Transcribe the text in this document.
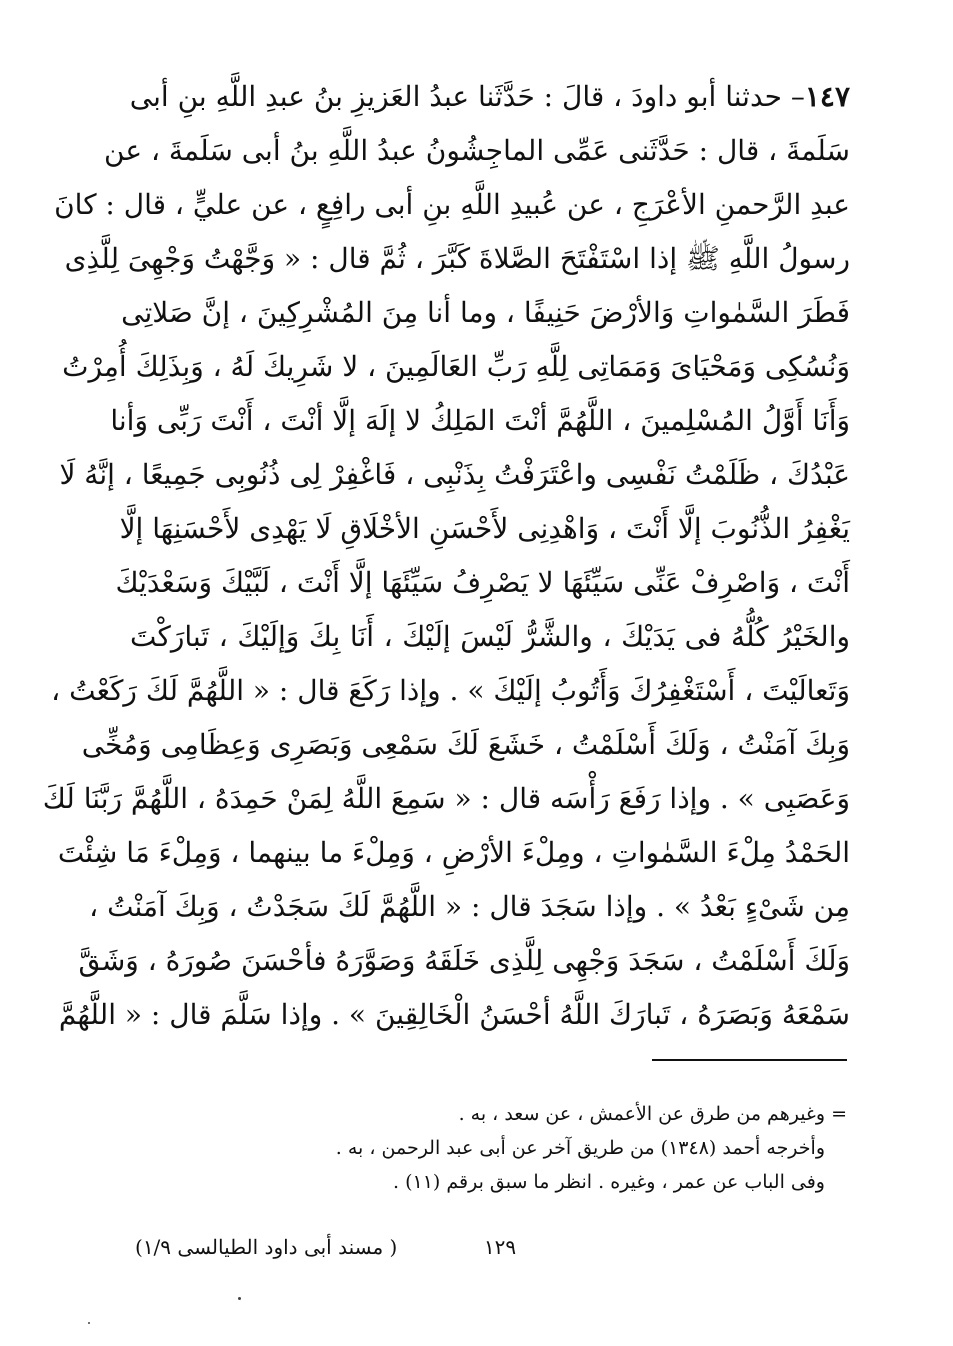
١٤٧– حدثنا أبو داودَ ، قالَ : حَدَّثَنا عبدُ العَزيزِ بنُ عبدِ اللَّهِ بنِ أبى
سَلَمةَ ، قال : حَدَّثَنى عَمِّى الماجِشُونُ عبدُ اللَّهِ بنُ أبى سَلَمةَ ، عن
عبدِ الرَّحمنِ الأعْرَجِ ، عن عُبيدِ اللَّهِ بنِ أبى رافِعٍ ، عن عليٍّ ، قال : كانَ
رسولُ اللَّهِ ﷺ إذا اسْتَفْتَحَ الصَّلاةَ كَبَّرَ ، ثُمَّ قال : « وَجَّهْتُ وَجْهِىَ لِلَّذِى
فَطَرَ السَّمٰواتِ وَالأرْضَ حَنِيفًا ، وما أنا مِنَ المُشْرِكِينَ ، إنَّ صَلاتِى
وَنُسُكِى وَمَحْيَاىَ وَمَمَاتِى لِلَّهِ رَبِّ العَالَمِينَ ، لا شَرِيكَ لَهُ ، وَبِذَلِكَ أُمِرْتُ
وَأَنَا أَوَّلُ المُسْلِمينَ ، اللَّهُمَّ أنْتَ المَلِكُ لا إلَهَ إلَّا أنْتَ ، أَنْتَ رَبِّى وَأنا
عَبْدُكَ ، ظَلَمْتُ نَفْسِى واعْتَرَفْتُ بِذَنْبِى ، فَاغْفِرْ لِى ذُنُوبِى جَمِيعًا ، إنَّهُ لَا
يَغْفِرُ الذُّنُوبَ إلَّا أَنْتَ ، وَاهْدِنِى لأَحْسَنِ الأخْلَاقِ لَا يَهْدِى لأَحْسَنِهَا إلَّا
أَنْتَ ، وَاصْرِفْ عَنِّى سَيِّئَهَا لا يَصْرِفُ سَيِّئَهَا إلَّا أَنْتَ ، لَبَّيْكَ وَسَعْدَيْكَ
والخَيْرُ كُلُّهُ فى يَدَيْكَ ، والشَّرُّ لَيْسَ إلَيْكَ ، أَنَا بِكَ وَإلَيْكَ ، تَبارَكْتَ
وَتَعالَيْتَ ، أَسْتَغْفِرُكَ وَأَتُوبُ إلَيْكَ » . وإذا رَكَعَ قال : « اللَّهُمَّ لَكَ رَكَعْتُ ،
وَبِكَ آمَنْتُ ، وَلَكَ أَسْلَمْتُ ، خَشَعَ لَكَ سَمْعِى وَبَصَرِى وَعِظَامِى وَمُخِّى
وَعَصَبِى » . وإذا رَفَعَ رَأْسَه قال : « سَمِعَ اللَّهُ لِمَنْ حَمِدَهُ ، اللَّهُمَّ رَبَّنَا لَكَ
الحَمْدُ مِلْءَ السَّمٰواتِ ، ومِلْءَ الأرْضِ ، وَمِلْءَ ما بينهما ، وَمِلْءَ مَا شِئْتَ
مِن شَىْءٍ بَعْدُ » . وإذا سَجَدَ قال : « اللَّهُمَّ لَكَ سَجَدْتُ ، وَبِكَ آمَنْتُ ،
وَلَكَ أَسْلَمْتُ ، سَجَدَ وَجْهِى لِلَّذِى خَلَقَهُ وَصَوَّرَهُ فأحْسَنَ صُورَهُ ، وَشَقَّ
سَمْعَهُ وَبَصَرَهُ ، تَبارَكَ اللَّهُ أحْسَنُ الْخَالِقِينَ » . وإذا سَلَّمَ قال : « اللَّهُمَّ
= وغيرهم من طرق عن الأعمش ، عن سعد ، به .
وأخرجه أحمد (١٣٤٨) من طريق آخر عن أبى عبد الرحمن ، به .
وفى الباب عن عمر ، وغيره . انظر ما سبق برقم (١١) .
١٢٩
( مسند أبى داود الطيالسى ١/٩)
